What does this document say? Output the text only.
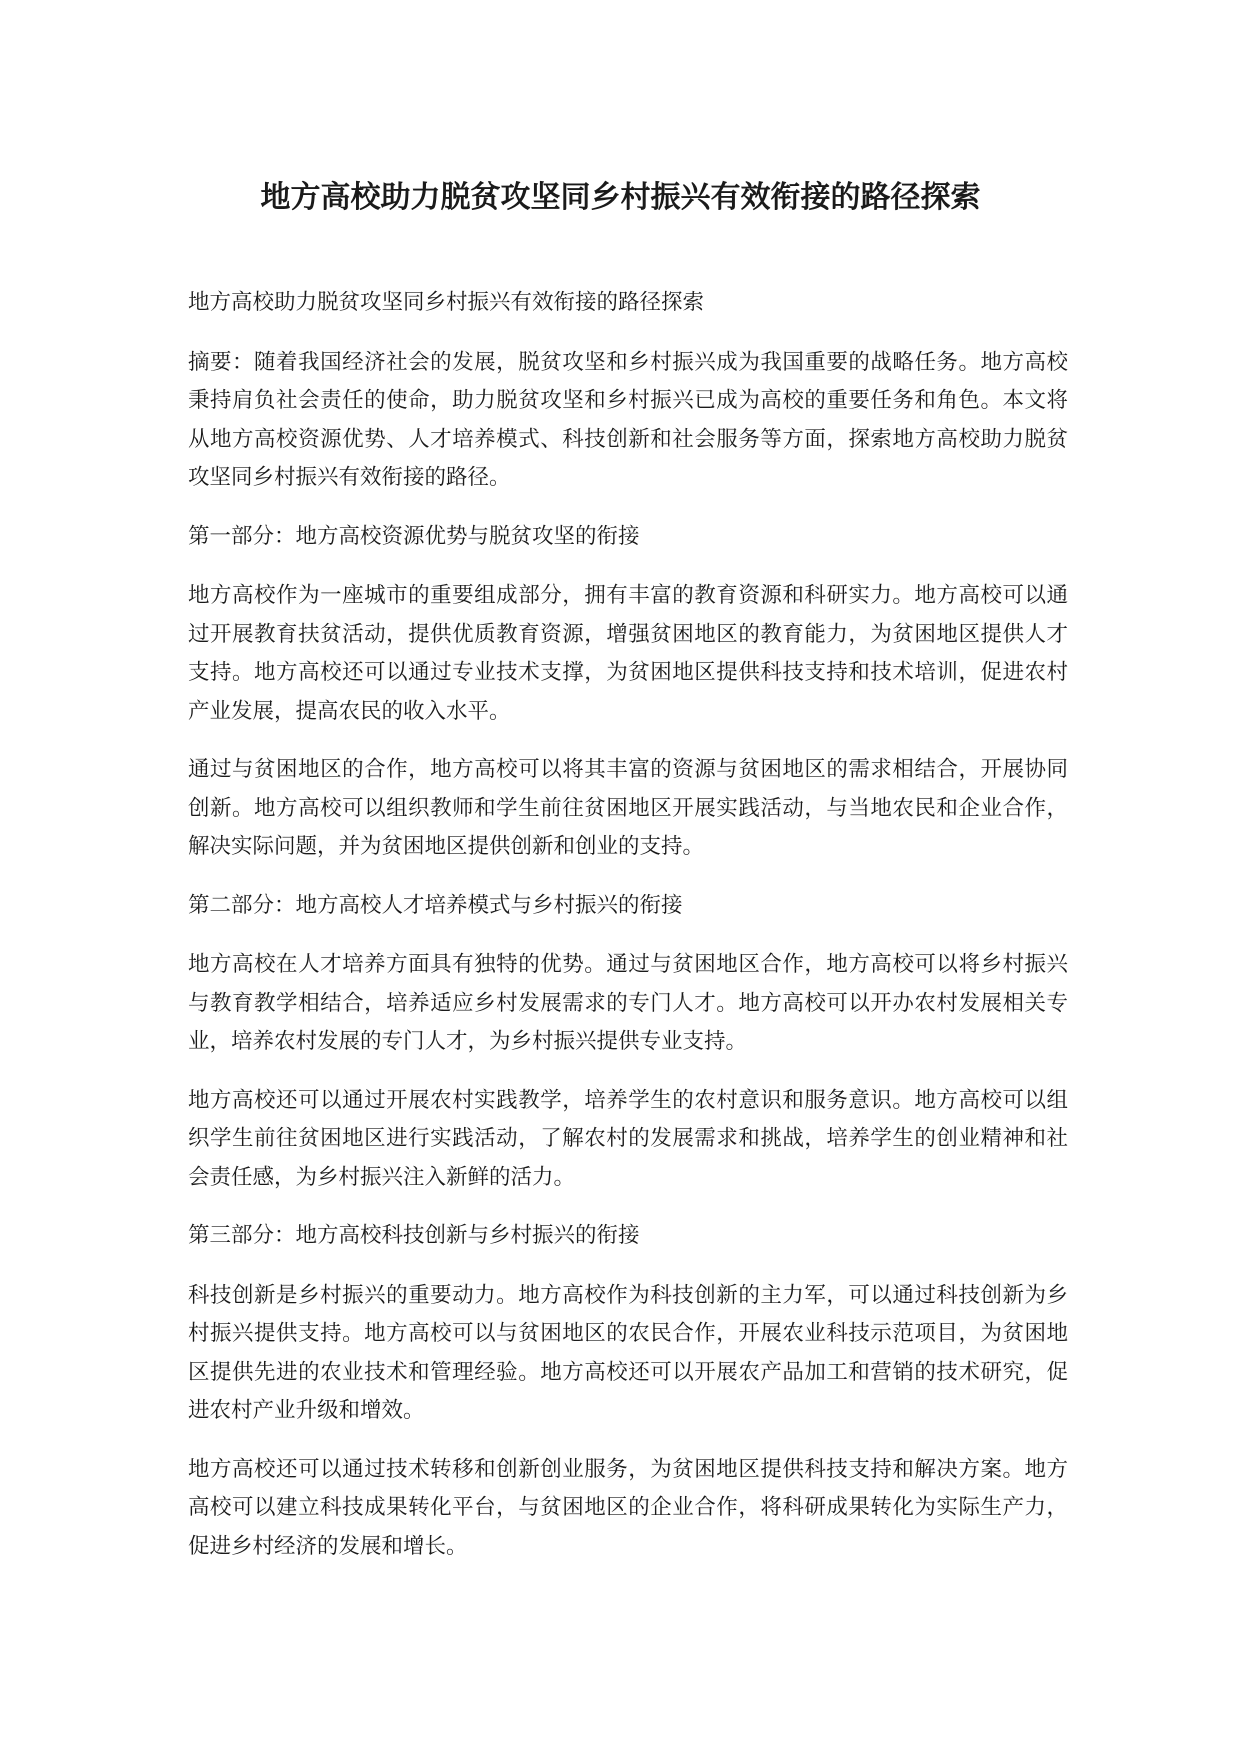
地方高校助力脱贫攻坚同乡村振兴有效衔接的路径探索

地方高校助力脱贫攻坚同乡村振兴有效衔接的路径探索

摘要：随着我国经济社会的发展，脱贫攻坚和乡村振兴成为我国重要的战略任务。地方高校秉持肩负社会责任的使命，助力脱贫攻坚和乡村振兴已成为高校的重要任务和角色。本文将从地方高校资源优势、人才培养模式、科技创新和社会服务等方面，探索地方高校助力脱贫攻坚同乡村振兴有效衔接的路径。

第一部分：地方高校资源优势与脱贫攻坚的衔接

地方高校作为一座城市的重要组成部分，拥有丰富的教育资源和科研实力。地方高校可以通过开展教育扶贫活动，提供优质教育资源，增强贫困地区的教育能力，为贫困地区提供人才支持。地方高校还可以通过专业技术支撑，为贫困地区提供科技支持和技术培训，促进农村产业发展，提高农民的收入水平。

通过与贫困地区的合作，地方高校可以将其丰富的资源与贫困地区的需求相结合，开展协同创新。地方高校可以组织教师和学生前往贫困地区开展实践活动，与当地农民和企业合作，解决实际问题，并为贫困地区提供创新和创业的支持。

第二部分：地方高校人才培养模式与乡村振兴的衔接

地方高校在人才培养方面具有独特的优势。通过与贫困地区合作，地方高校可以将乡村振兴与教育教学相结合，培养适应乡村发展需求的专门人才。地方高校可以开办农村发展相关专业，培养农村发展的专门人才，为乡村振兴提供专业支持。

地方高校还可以通过开展农村实践教学，培养学生的农村意识和服务意识。地方高校可以组织学生前往贫困地区进行实践活动，了解农村的发展需求和挑战，培养学生的创业精神和社会责任感，为乡村振兴注入新鲜的活力。

第三部分：地方高校科技创新与乡村振兴的衔接

科技创新是乡村振兴的重要动力。地方高校作为科技创新的主力军，可以通过科技创新为乡村振兴提供支持。地方高校可以与贫困地区的农民合作，开展农业科技示范项目，为贫困地区提供先进的农业技术和管理经验。地方高校还可以开展农产品加工和营销的技术研究，促进农村产业升级和增效。

地方高校还可以通过技术转移和创新创业服务，为贫困地区提供科技支持和解决方案。地方高校可以建立科技成果转化平台，与贫困地区的企业合作，将科研成果转化为实际生产力，促进乡村经济的发展和增长。
